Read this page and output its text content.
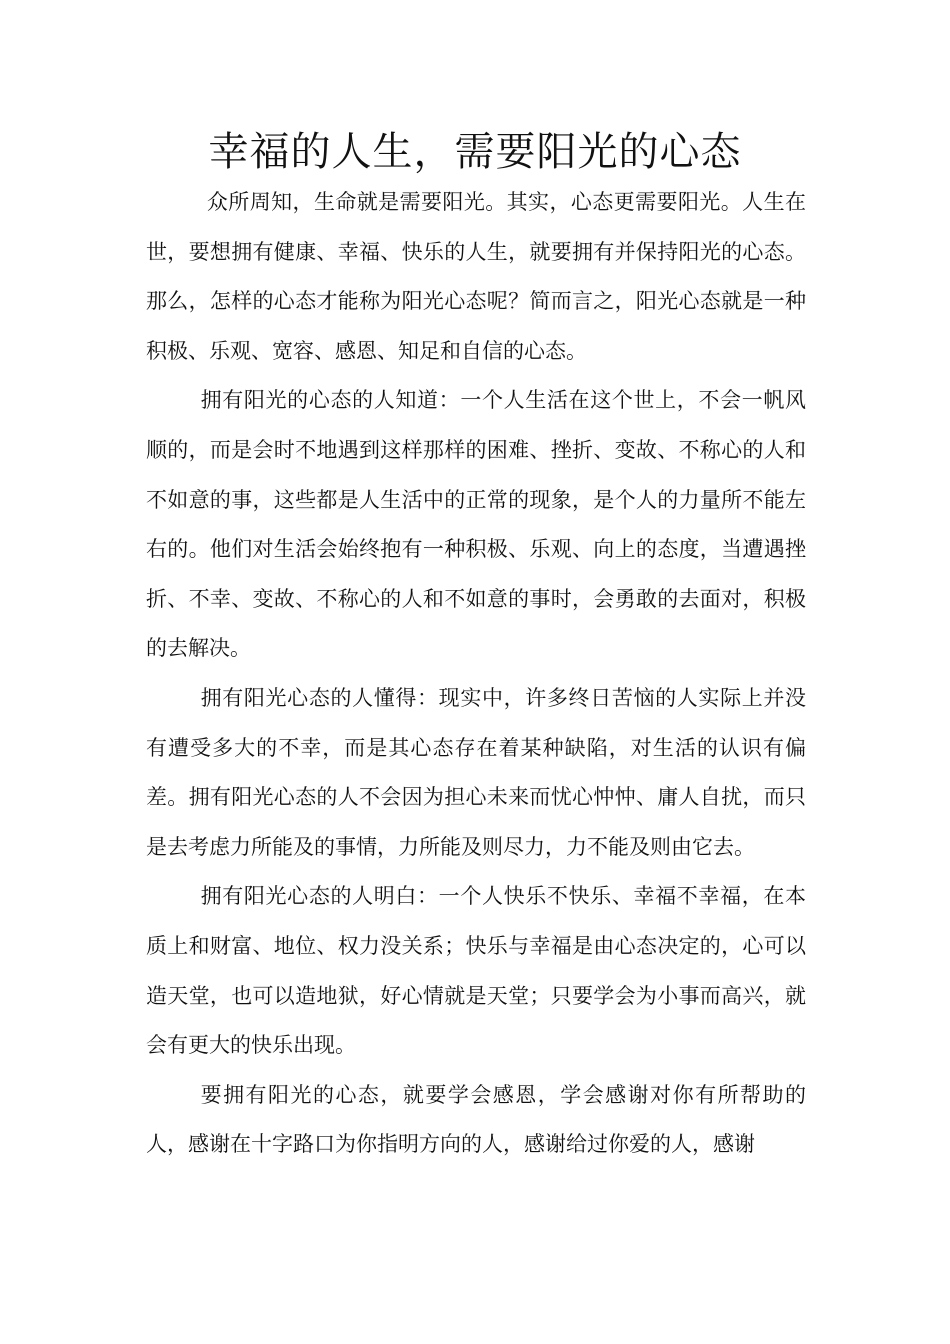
幸福的人生，需要阳光的心态

众所周知，生命就是需要阳光。其实，心态更需要阳光。人生在世，要想拥有健康、幸福、快乐的人生，就要拥有并保持阳光的心态。那么，怎样的心态才能称为阳光心态呢？简而言之，阳光心态就是一种积极、乐观、宽容、感恩、知足和自信的心态。

拥有阳光的心态的人知道：一个人生活在这个世上，不会一帆风顺的，而是会时不地遇到这样那样的困难、挫折、变故、不称心的人和不如意的事，这些都是人生活中的正常的现象，是个人的力量所不能左右的。他们对生活会始终抱有一种积极、乐观、向上的态度，当遭遇挫折、不幸、变故、不称心的人和不如意的事时，会勇敢的去面对，积极的去解决。

拥有阳光心态的人懂得：现实中，许多终日苦恼的人实际上并没有遭受多大的不幸，而是其心态存在着某种缺陷，对生活的认识有偏差。拥有阳光心态的人不会因为担心未来而忧心忡忡、庸人自扰，而只是去考虑力所能及的事情，力所能及则尽力，力不能及则由它去。

拥有阳光心态的人明白：一个人快乐不快乐、幸福不幸福，在本质上和财富、地位、权力没关系；快乐与幸福是由心态决定的，心可以造天堂，也可以造地狱，好心情就是天堂；只要学会为小事而高兴，就会有更大的快乐出现。

要拥有阳光的心态，就要学会感恩，学会感谢对你有所帮助的人，感谢在十字路口为你指明方向的人，感谢给过你爱的人，感谢
